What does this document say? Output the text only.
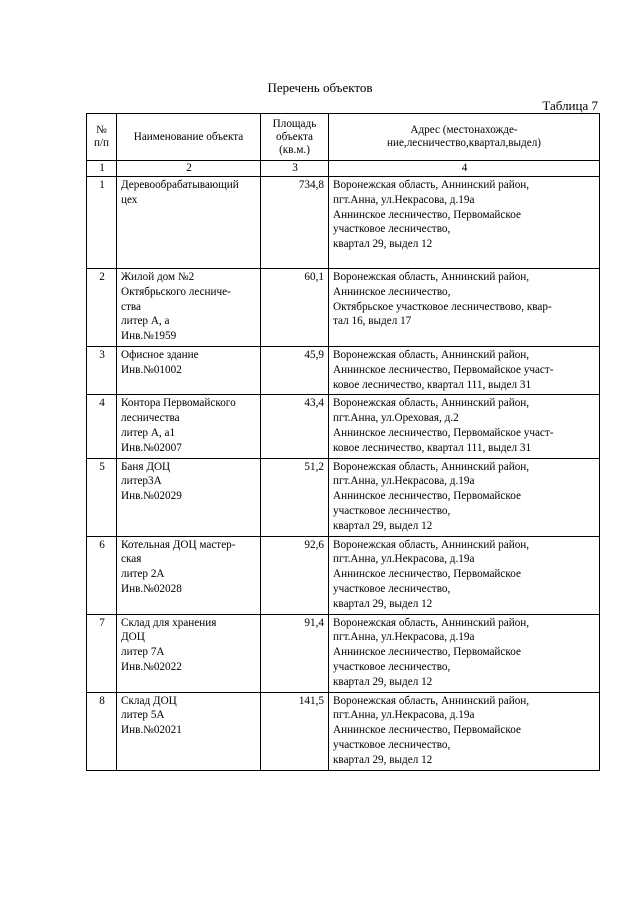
Перечень объектов
Таблица 7
№
п/п	Наименование объекта	Площадь
объекта
(кв.м.)	Адрес (местонахожде-
ние,лесничество,квартал,выдел)
1	2	3	4
1	Деревообрабатывающий
цех	734,8	Воронежская область, Аннинский район,
пгт.Анна, ул.Некрасова, д.19а
Аннинское лесничество, Первомайское
участковое лесничество,
квартал 29, выдел 12
2	Жилой дом №2
Октябрьского лесниче-
ства
литер А, а
Инв.№1959	60,1	Воронежская область, Аннинский район,
Аннинское лесничество,
Октябрьское участковое лесничествово, квар-
тал 16, выдел 17
3	Офисное здание
Инв.№01002	45,9	Воронежская область, Аннинский район,
Аннинское лесничество, Первомайское участ-
ковое лесничество, квартал 111, выдел 31
4	Контора Первомайского
лесничества
литер А, а1
Инв.№02007	43,4	Воронежская область, Аннинский район,
пгт.Анна, ул.Ореховая, д.2
Аннинское лесничество, Первомайское участ-
ковое лесничество, квартал 111, выдел 31
5	Баня ДОЦ
литер3А
Инв.№02029	51,2	Воронежская область, Аннинский район,
пгт.Анна, ул.Некрасова, д.19а
Аннинское лесничество, Первомайское
участковое лесничество,
квартал 29, выдел 12
6	Котельная ДОЦ мастер-
ская
литер 2А
Инв.№02028	92,6	Воронежская область, Аннинский район,
пгт.Анна, ул.Некрасова, д.19а
Аннинское лесничество, Первомайское
участковое лесничество,
квартал 29, выдел 12
7	Склад для хранения
ДОЦ
литер 7А
Инв.№02022	91,4	Воронежская область, Аннинский район,
пгт.Анна, ул.Некрасова, д.19а
Аннинское лесничество, Первомайское
участковое лесничество,
квартал 29, выдел 12
8	Склад ДОЦ
литер 5А
Инв.№02021	141,5	Воронежская область, Аннинский район,
пгт.Анна, ул.Некрасова, д.19а
Аннинское лесничество, Первомайское
участковое лесничество,
квартал 29, выдел 12
